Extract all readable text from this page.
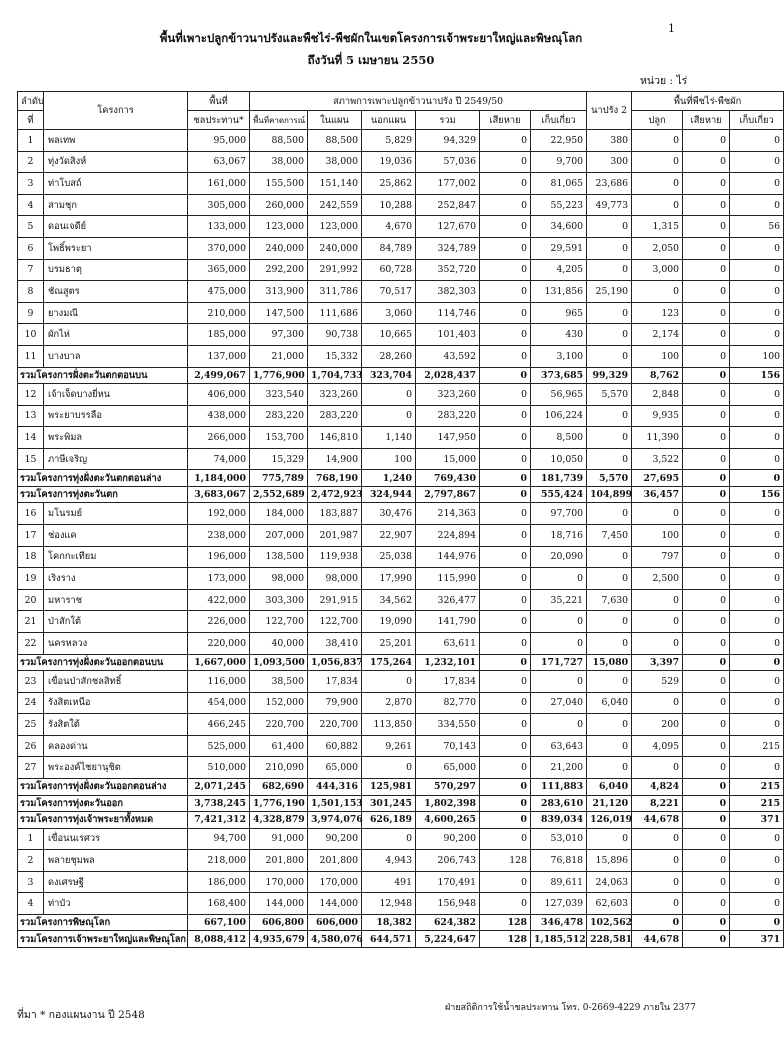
1
พื้นที่เพาะปลูกข้าวนาปรังและพืชไร่-พืชผักในเขตโครงการเจ้าพระยาใหญ่และพิษณุโลก
ถึงวันที่ 5 เมษายน 2550
หน่วย : ไร่
ลำดับ	โครงการ	พื้นที่	สภาพการเพาะปลูกข้าวนาปรัง ปี 2549/50						นาปรัง 2	พื้นที่พืชไร่-พืชผัก		
ที่		ชลประทาน*	พื้นที่คาดการณ์	ในแผน	นอกแผน	รวม	เสียหาย	เก็บเกี่ยว		ปลูก	เสียหาย	เก็บเกี่ยว
1	พลเทพ	95,000	88,500	88,500	5,829	94,329	0	22,950	380	0	0	0
2	ทุ่งวัดสิงห์	63,067	38,000	38,000	19,036	57,036	0	9,700	300	0	0	0
3	ท่าโบสถ์	161,000	155,500	151,140	25,862	177,002	0	81,065	23,686	0	0	0
4	สามชุก	305,000	260,000	242,559	10,288	252,847	0	55,223	49,773	0	0	0
5	ดอนเจดีย์	133,000	123,000	123,000	4,670	127,670	0	34,600	0	1,315	0	56
6	โพธิ์พระยา	370,000	240,000	240,000	84,789	324,789	0	29,591	0	2,050	0	0
7	บรมธาตุ	365,000	292,200	291,992	60,728	352,720	0	4,205	0	3,000	0	0
8	ชัณสูตร	475,000	313,900	311,786	70,517	382,303	0	131,856	25,190	0	0	0
9	ยางมณี	210,000	147,500	111,686	3,060	114,746	0	965	0	123	0	0
10	ผักไห่	185,000	97,300	90,738	10,665	101,403	0	430	0	2,174	0	0
11	บางบาล	137,000	21,000	15,332	28,260	43,592	0	3,100	0	100	0	100
รวมโครงการฝั่งตะวันตกตอนบน		2,499,067	1,776,900	1,704,733	323,704	2,028,437	0	373,685	99,329	8,762	0	156
12	เจ้าเจ็ดบางยี่หน	406,000	323,540	323,260	0	323,260	0	56,965	5,570	2,848	0	0
13	พระยาบรรลือ	438,000	283,220	283,220	0	283,220	0	106,224	0	9,935	0	0
14	พระพิมล	266,000	153,700	146,810	1,140	147,950	0	8,500	0	11,390	0	0
15	ภาษีเจริญ	74,000	15,329	14,900	100	15,000	0	10,050	0	3,522	0	0
รวมโครงการทุ่งฝั่งตะวันตกตอนล่าง		1,184,000	775,789	768,190	1,240	769,430	0	181,739	5,570	27,695	0	0
รวมโครงการทุ่งตะวันตก		3,683,067	2,552,689	2,472,923	324,944	2,797,867	0	555,424	104,899	36,457	0	156
16	มโนรมย์	192,000	184,000	183,887	30,476	214,363	0	97,700	0	0	0	0
17	ช่องแค	238,000	207,000	201,987	22,907	224,894	0	18,716	7,450	100	0	0
18	โคกกะเทียม	196,000	138,500	119,938	25,038	144,976	0	20,090	0	797	0	0
19	เริงราง	173,000	98,000	98,000	17,990	115,990	0	0	0	2,500	0	0
20	มหาราช	422,000	303,300	291,915	34,562	326,477	0	35,221	7,630	0	0	0
21	ป่าสักใต้	226,000	122,700	122,700	19,090	141,790	0	0	0	0	0	0
22	นครหลวง	220,000	40,000	38,410	25,201	63,611	0	0	0	0	0	0
รวมโครงการทุ่งฝั่งตะวันออกตอนบน		1,667,000	1,093,500	1,056,837	175,264	1,232,101	0	171,727	15,080	3,397	0	0
23	เขื่อนป่าสักชลสิทธิ์	116,000	38,500	17,834	0	17,834	0	0	0	529	0	0
24	รังสิตเหนือ	454,000	152,000	79,900	2,870	82,770	0	27,040	6,040	0	0	0
25	รังสิตใต้	466,245	220,700	220,700	113,850	334,550	0	0	0	200	0	0
26	คลองด่าน	525,000	61,400	60,882	9,261	70,143	0	63,643	0	4,095	0	215
27	พระองค์ไชยานุชิต	510,000	210,090	65,000	0	65,000	0	21,200	0	0	0	0
รวมโครงการทุ่งฝั่งตะวันออกตอนล่าง		2,071,245	682,690	444,316	125,981	570,297	0	111,883	6,040	4,824	0	215
รวมโครงการทุ่งตะวันออก		3,738,245	1,776,190	1,501,153	301,245	1,802,398	0	283,610	21,120	8,221	0	215
รวมโครงการทุ่งเจ้าพระยาทั้งหมด		7,421,312	4,328,879	3,974,076	626,189	4,600,265	0	839,034	126,019	44,678	0	371
1	เขื่อนนเรศวร	94,700	91,000	90,200	0	90,200	0	53,010	0	0	0	0
2	พลายชุมพล	218,000	201,800	201,800	4,943	206,743	128	76,818	15,896	0	0	0
3	ดงเศรษฐี	186,000	170,000	170,000	491	170,491	0	89,611	24,063	0	0	0
4	ท่าบัว	168,400	144,000	144,000	12,948	156,948	0	127,039	62,603	0	0	0
รวมโครงการพิษณุโลก		667,100	606,800	606,000	18,382	624,382	128	346,478	102,562	0	0	0
รวมโครงการเจ้าพระยาใหญ่และพิษณุโลก		8,088,412	4,935,679	4,580,076	644,571	5,224,647	128	1,185,512	228,581	44,678	0	371
ที่มา * กองแผนงาน ปี 2548
ฝ่ายสถิติการใช้น้ำชลประทาน โทร. 0-2669-4229 ภายใน 2377
